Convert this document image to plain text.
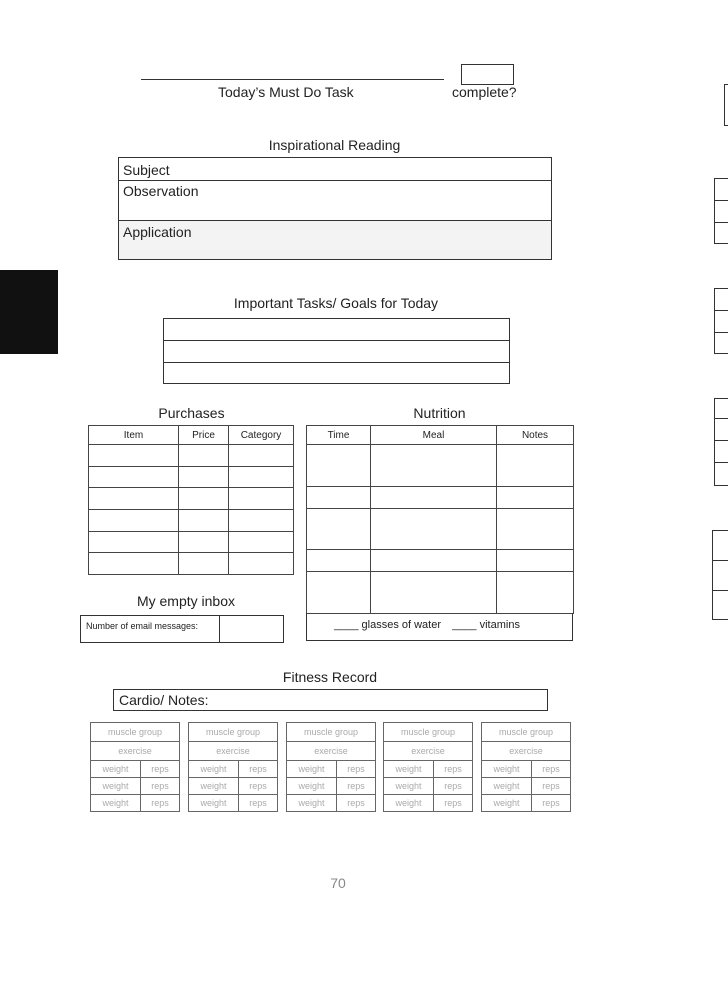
Today’s Must Do Task	complete?
Inspirational Reading
Subject
Observation
Application
Important Tasks/ Goals for Today
Purchases
Item	Price	Category

Nutrition
Time	Meal	Notes

____ glasses of water ____ vitamins
My empty inbox
Number of email messages:
Fitness Record
Cardio/ Notes:
muscle group	
exercise	
weight	reps
weight	reps
weight	reps
muscle group	
exercise	
weight	reps
weight	reps
weight	reps
muscle group	
exercise	
weight	reps
weight	reps
weight	reps
muscle group	
exercise	
weight	reps
weight	reps
weight	reps
muscle group	
exercise	
weight	reps
weight	reps
weight	reps
70
